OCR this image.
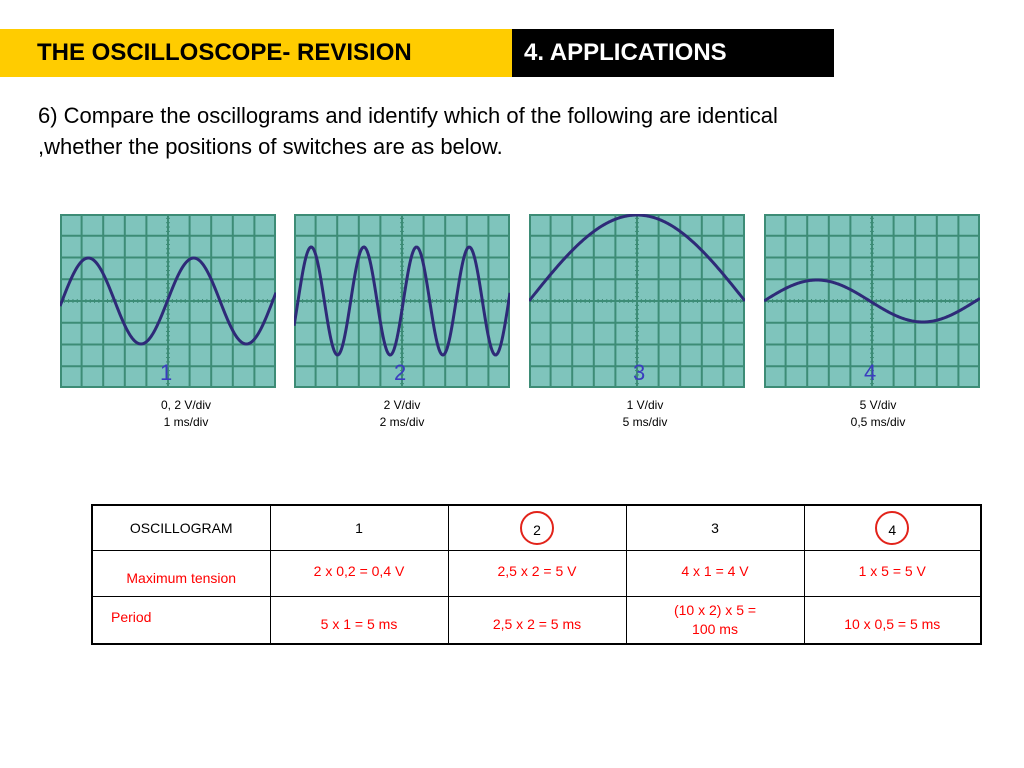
THE OSCILLOSCOPE- REVISION	4. APPLICATIONS
6) Compare the oscillograms and identify which of the following are identical
,whether the positions of switches are as below.
1	2	3	4
0, 2 V/div
1 ms/div
2 V/div
2 ms/div
1 V/div
5 ms/div
5 V/div
0,5 ms/div
OSCILLOGRAM	1	2	3	4
Maximum tension	2 x 0,2 = 0,4 V	2,5 x 2 = 5 V	4 x 1 = 4 V	1 x 5 = 5 V
Period	5 x 1 = 5 ms	2,5 x 2 = 5 ms	(10 x 2) x 5 =
100 ms	10 x 0,5 = 5 ms
